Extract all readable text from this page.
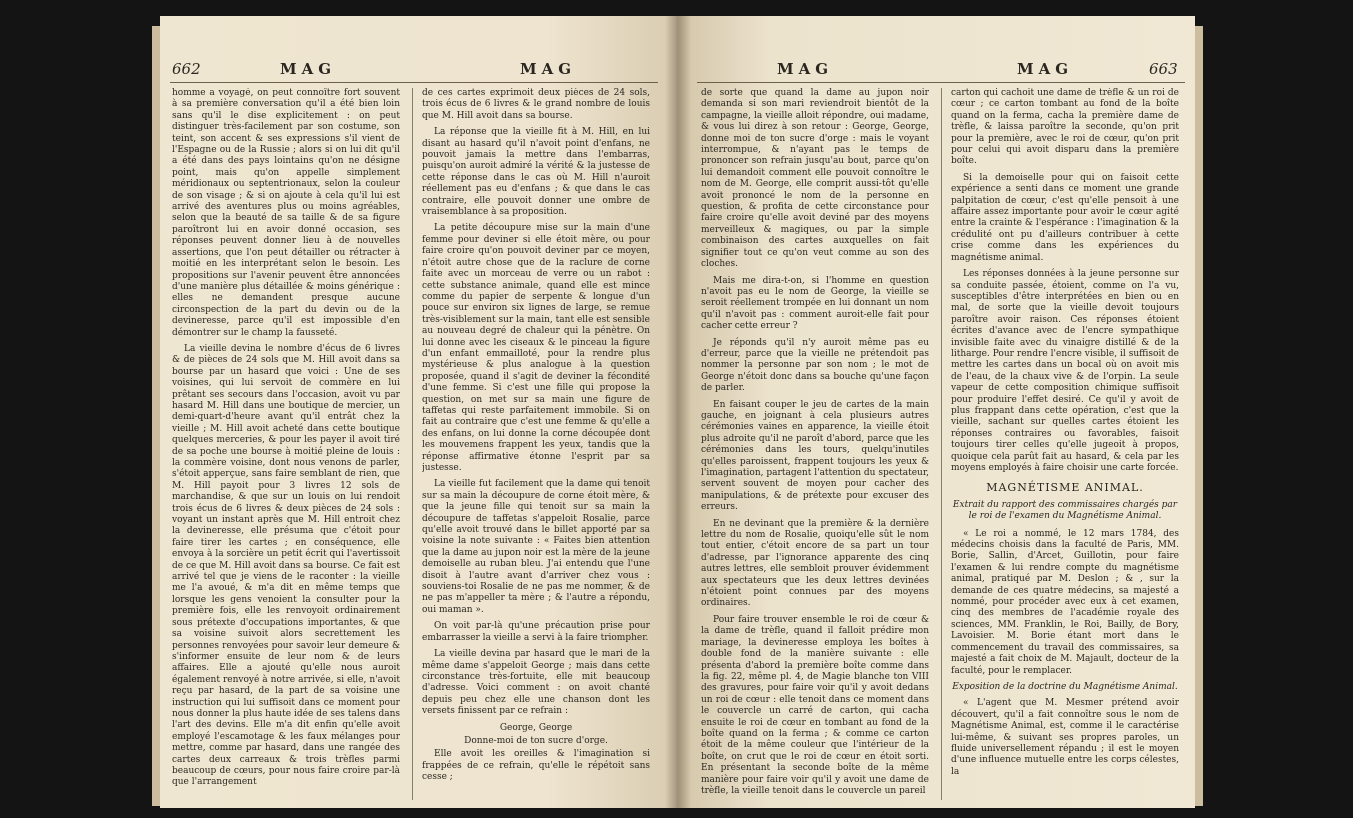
662	MAG	MAG

homme a voyagé, on peut connoître fort souvent à sa première conversation qu'il a été bien loin sans qu'il le dise explicitement : on peut distinguer très-facilement par son costume, son teint, son accent & ses expressions s'il vient de l'Espagne ou de la Russie ; alors si on lui dit qu'il a été dans des pays lointains qu'on ne désigne point, mais qu'on appelle simplement méridionaux ou septentrionaux, selon la couleur de son visage ; & si on ajoute à cela qu'il lui est arrivé des aventures plus ou moins agréables, selon que la beauté de sa taille & de sa figure paroîtront lui en avoir donné occasion, ses réponses peuvent donner lieu à de nouvelles assertions, que l'on peut détailler ou rétracter à moitié en les interprétant selon le besoin. Les propositions sur l'avenir peuvent être annoncées d'une manière plus détaillée & moins générique : elles ne demandent presque aucune circonspection de la part du devin ou de la devineresse, parce qu'il est impossible d'en démontrer sur le champ la fausseté.

La vieille devina le nombre d'écus de 6 livres & de pièces de 24 sols que M. Hill avoit dans sa bourse par un hasard que voici : Une de ses voisines, qui lui servoit de commère en lui prêtant ses secours dans l'occasion, avoit vu par hasard M. Hill dans une boutique de mercier, un demi-quart-d'heure avant qu'il entrât chez la vieille ; M. Hill avoit acheté dans cette boutique quelques merceries, & pour les payer il avoit tiré de sa poche une bourse à moitié pleine de louis : la commère voisine, dont nous venons de parler, s'étoit apperçue, sans faire semblant de rien, que M. Hill payoit pour 3 livres 12 sols de marchandise, & que sur un louis on lui rendoit trois écus de 6 livres & deux pièces de 24 sols : voyant un instant après que M. Hill entroit chez la devineresse, elle présuma que c'étoit pour faire tirer les cartes ; en conséquence, elle envoya à la sorcière un petit écrit qui l'avertissoit de ce que M. Hill avoit dans sa bourse. Ce fait est arrivé tel que je viens de le raconter : la vieille me l'a avoué, & m'a dit en même temps que lorsque les gens venoient la consulter pour la première fois, elle les renvoyoit ordinairement sous prétexte d'occupations importantes, & que sa voisine suivoit alors secrettement les personnes renvoyées pour savoir leur demeure & s'informer ensuite de leur nom & de leurs affaires. Elle a ajouté qu'elle nous auroit également renvoyé à notre arrivée, si elle, n'avoit reçu par hasard, de la part de sa voisine une instruction qui lui suffisoit dans ce moment pour nous donner la plus haute idée de ses talens dans l'art des devins. Elle m'a dit enfin qu'elle avoit employé l'escamotage & les faux mélanges pour mettre, comme par hasard, dans une rangée des cartes deux carreaux & trois trèfles parmi beaucoup de cœurs, pour nous faire croire par-là que l'arrangement

de ces cartes exprimoit deux pièces de 24 sols, trois écus de 6 livres & le grand nombre de louis que M. Hill avoit dans sa bourse.

La réponse que la vieille fit à M. Hill, en lui disant au hasard qu'il n'avoit point d'enfans, ne pouvoit jamais la mettre dans l'embarras, puisqu'on auroit admiré la vérité & la justesse de cette réponse dans le cas où M. Hill n'auroit réellement pas eu d'enfans ; & que dans le cas contraire, elle pouvoit donner une ombre de vraisemblance à sa proposition.

La petite découpure mise sur la main d'une femme pour deviner si elle étoit mère, ou pour faire croire qu'on pouvoit deviner par ce moyen, n'étoit autre chose que de la raclure de corne faite avec un morceau de verre ou un rabot : cette substance animale, quand elle est mince comme du papier de serpente & longue d'un pouce sur environ six lignes de large, se remue très-visiblement sur la main, tant elle est sensible au nouveau degré de chaleur qui la pénètre. On lui donne avec les ciseaux & le pinceau la figure d'un enfant emmailloté, pour la rendre plus mystérieuse & plus analogue à la question proposée, quand il s'agit de deviner la fécondité d'une femme. Si c'est une fille qui propose la question, on met sur sa main une figure de taffetas qui reste parfaitement immobile. Si on fait au contraire que c'est une femme & qu'elle a des enfans, on lui donne la corne découpée dont les mouvemens frappent les yeux, tandis que la réponse affirmative étonne l'esprit par sa justesse.

La vieille fut facilement que la dame qui tenoit sur sa main la découpure de corne étoit mère, & que la jeune fille qui tenoit sur sa main la découpure de taffetas s'appeloit Rosalie, parce qu'elle avoit trouvé dans le billet apporté par sa voisine la note suivante : « Faites bien attention que la dame au jupon noir est la mère de la jeune demoiselle au ruban bleu. J'ai entendu que l'une disoit à l'autre avant d'arriver chez vous : souviens-toi Rosalie de ne pas me nommer, & de ne pas m'appeller ta mère ; & l'autre a répondu, oui maman ».

On voit par-là qu'une précaution prise pour embarrasser la vieille a servi à la faire triompher.

La vieille devina par hasard que le mari de la même dame s'appeloit George ; mais dans cette circonstance très-fortuite, elle mit beaucoup d'adresse. Voici comment : on avoit chanté depuis peu chez elle une chanson dont les versets finissent par ce refrain :

George, George

Donne-moi de ton sucre d'orge.

Elle avoit les oreilles & l'imagination si frappées de ce refrain, qu'elle le répétoit sans cesse ;

MAG	MAG	663

de sorte que quand la dame au jupon noir demanda si son mari reviendroit bientôt de la campagne, la vieille alloit répondre, oui madame, & vous lui direz à son retour : George, George, donne moi de ton sucre d'orge : mais le voyant interrompue, & n'ayant pas le temps de prononcer son refrain jusqu'au bout, parce qu'on lui demandoit comment elle pouvoit connoître le nom de M. George, elle comprit aussi-tôt qu'elle avoit prononcé le nom de la personne en question, & profita de cette circonstance pour faire croire qu'elle avoit deviné par des moyens merveilleux & magiques, ou par la simple combinaison des cartes auxquelles on fait signifier tout ce qu'on veut comme au son des cloches.

Mais me dira-t-on, si l'homme en question n'avoit pas eu le nom de George, la vieille se seroit réellement trompée en lui donnant un nom qu'il n'avoit pas : comment auroit-elle fait pour cacher cette erreur ?

Je réponds qu'il n'y auroit même pas eu d'erreur, parce que la vieille ne prétendoit pas nommer la personne par son nom ; le mot de George n'étoit donc dans sa bouche qu'une façon de parler.

En faisant couper le jeu de cartes de la main gauche, en joignant à cela plusieurs autres cérémonies vaines en apparence, la vieille étoit plus adroite qu'il ne paroît d'abord, parce que les cérémonies dans les tours, quelqu'inutiles qu'elles paroissent, frappent toujours les yeux & l'imagination, partagent l'attention du spectateur, servent souvent de moyen pour cacher des manipulations, & de prétexte pour excuser des erreurs.

En ne devinant que la première & la dernière lettre du nom de Rosalie, quoiqu'elle sût le nom tout entier, c'étoit encore de sa part un tour d'adresse, par l'ignorance apparente des cinq autres lettres, elle sembloit prouver évidemment aux spectateurs que les deux lettres devinées n'étoient point connues par des moyens ordinaires.

Pour faire trouver ensemble le roi de cœur & la dame de trèfle, quand il falloit prédire mon mariage, la devineresse employa les boîtes à double fond de la manière suivante : elle présenta d'abord la première boîte comme dans la fig. 22, même pl. 4, de Magie blanche ton VIII des gravures, pour faire voir qu'il y avoit dedans un roi de cœur : elle tenoit dans ce moment dans le couvercle un carré de carton, qui cacha ensuite le roi de cœur en tombant au fond de la boîte quand on la ferma ; & comme ce carton étoit de la même couleur que l'intérieur de la boîte, on crut que le roi de cœur en étoit sorti. En présentant la seconde boîte de la même manière pour faire voir qu'il y avoit une dame de trèfle, la vieille tenoit dans le couvercle un pareil

carton qui cachoit une dame de trèfle & un roi de cœur ; ce carton tombant au fond de la boîte quand on la ferma, cacha la première dame de trèfle, & laissa paroître la seconde, qu'on prit pour la première, avec le roi de cœur, qu'on prit pour celui qui avoit disparu dans la première boîte.

Si la demoiselle pour qui on faisoit cette expérience a senti dans ce moment une grande palpitation de cœur, c'est qu'elle pensoit à une affaire assez importante pour avoir le cœur agité entre la crainte & l'espérance : l'imagination & la crédulité ont pu d'ailleurs contribuer à cette crise comme dans les expériences du magnétisme animal.

Les réponses données à la jeune personne sur sa conduite passée, étoient, comme on l'a vu, susceptibles d'être interprétées en bien ou en mal, de sorte que la vieille devoit toujours paroître avoir raison. Ces réponses étoient écrites d'avance avec de l'encre sympathique invisible faite avec du vinaigre distillé & de la litharge. Pour rendre l'encre visible, il suffisoit de mettre les cartes dans un bocal où on avoit mis de l'eau, de la chaux vive & de l'orpin. La seule vapeur de cette composition chimique suffisoit pour produire l'effet desiré. Ce qu'il y avoit de plus frappant dans cette opération, c'est que la vieille, sachant sur quelles cartes étoient les réponses contraires ou favorables, faisoit toujours tirer celles qu'elle jugeoit à propos, quoique cela parût fait au hasard, & cela par les moyens employés à faire choisir une carte forcée.

MAGNÉTISME ANIMAL.

Extrait du rapport des commissaires chargés par le roi de l'examen du Magnétisme Animal.

« Le roi a nommé, le 12 mars 1784, des médecins choisis dans la faculté de Paris, MM. Borie, Sallin, d'Arcet, Guillotin, pour faire l'examen & lui rendre compte du magnétisme animal, pratiqué par M. Deslon ; & , sur la demande de ces quatre médecins, sa majesté a nommé, pour procéder avec eux à cet examen, cinq des membres de l'académie royale des sciences, MM. Franklin, le Roi, Bailly, de Bory, Lavoisier. M. Borie étant mort dans le commencement du travail des commissaires, sa majesté a fait choix de M. Majault, docteur de la faculté, pour le remplacer.

Exposition de la doctrine du Magnétisme Animal.

« L'agent que M. Mesmer prétend avoir découvert, qu'il a fait connoître sous le nom de Magnétisme Animal, est, comme il le caractérise lui-même, & suivant ses propres paroles, un fluide universellement répandu ; il est le moyen d'une influence mutuelle entre les corps célestes, la
